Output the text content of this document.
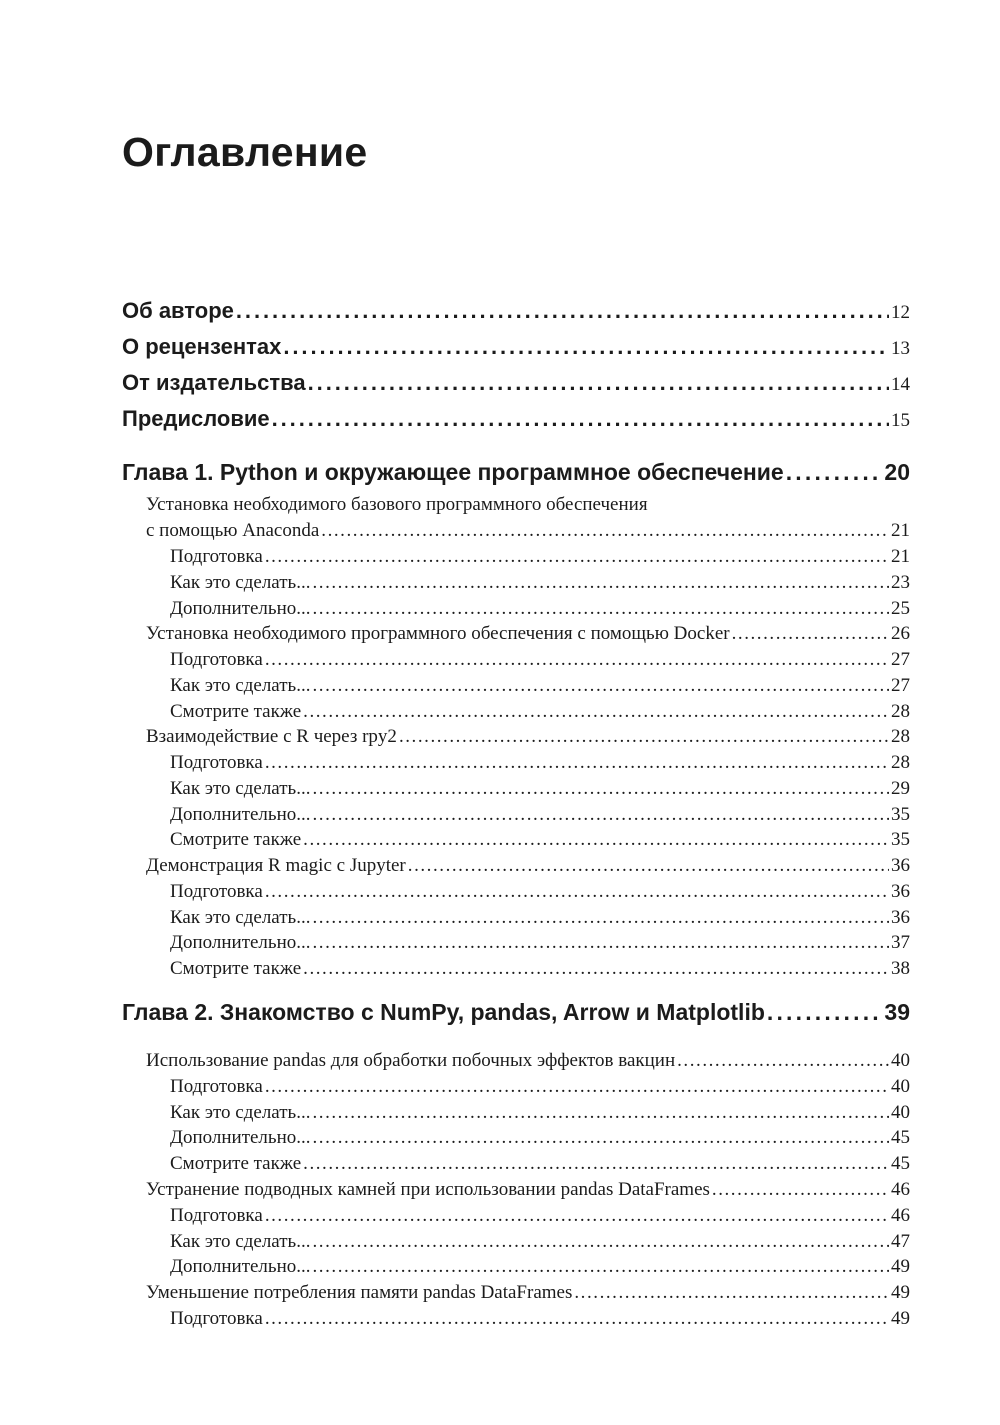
Оглавление
Об авторе . . .	12
О рецензентах . . .	13
От издательства . . .	14
Предисловие . . .	15
Глава 1. Python и окружающее программное обеспечение . . .	20
Установка необходимого базового программного обеспечения
с помощью Anaconda . . .	21
Подготовка . . .	21
Как это сделать... . . .	23
Дополнительно... . . .	25
Установка необходимого программного обеспечения с помощью Docker . . .	26
Подготовка . . .	27
Как это сделать... . . .	27
Смотрите также . . .	28
Взаимодействие с R через rpy2 . . .	28
Подготовка . . .	28
Как это сделать... . . .	29
Дополнительно... . . .	35
Смотрите также . . .	35
Демонстрация R magic с Jupyter . . .	36
Подготовка . . .	36
Как это сделать... . . .	36
Дополнительно... . . .	37
Смотрите также . . .	38
Глава 2. Знакомство с NumPy, pandas, Arrow и Matplotlib . . .	39
Использование pandas для обработки побочных эффектов вакцин . . .	40
Подготовка . . .	40
Как это сделать... . . .	40
Дополнительно... . . .	45
Смотрите также . . .	45
Устранение подводных камней при использовании pandas DataFrames . . .	46
Подготовка . . .	46
Как это сделать... . . .	47
Дополнительно... . . .	49
Уменьшение потребления памяти pandas DataFrames . . .	49
Подготовка . . .	49
